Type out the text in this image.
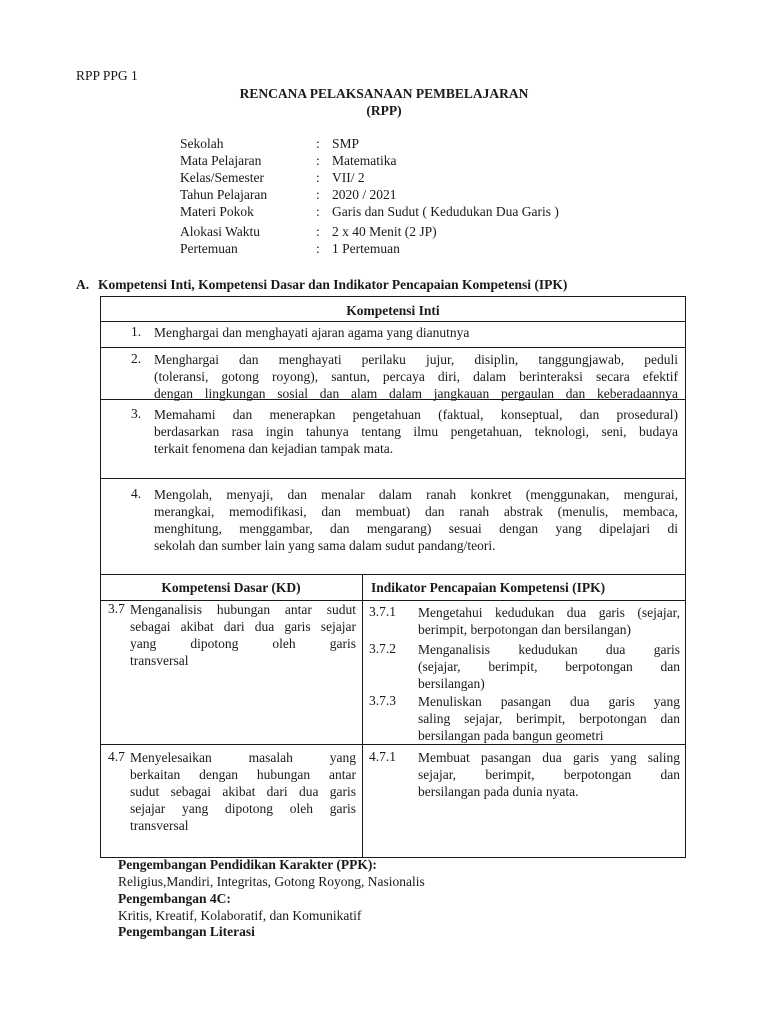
RPP PPG 1
RENCANA PELAKSANAAN PEMBELAJARAN
(RPP)
Sekolah	: SMP
Mata Pelajaran	: Matematika
Kelas/Semester	: VII/ 2
Tahun Pelajaran	: 2020 / 2021
Materi Pokok	: Garis dan Sudut ( Kedudukan Dua Garis )
Alokasi Waktu	: 2 x 40 Menit (2 JP)
Pertemuan	: 1 Pertemuan
A. Kompetensi Inti, Kompetensi Dasar dan Indikator Pencapaian Kompetensi (IPK)
Kompetensi Inti
1. Menghargai dan menghayati ajaran agama yang dianutnya
2. Menghargai dan menghayati perilaku jujur, disiplin, tanggungjawab, peduli
(toleransi, gotong royong), santun, percaya diri, dalam berinteraksi secara efektif
dengan lingkungan sosial dan alam dalam jangkauan pergaulan dan keberadaannya
3. Memahami dan menerapkan pengetahuan (faktual, konseptual, dan prosedural)
berdasarkan rasa ingin tahunya tentang ilmu pengetahuan, teknologi, seni, budaya
terkait fenomena dan kejadian tampak mata.
4. Mengolah, menyaji, dan menalar dalam ranah konkret (menggunakan, mengurai,
merangkai, memodifikasi, dan membuat) dan ranah abstrak (menulis, membaca,
menghitung, menggambar, dan mengarang) sesuai dengan yang dipelajari di
sekolah dan sumber lain yang sama dalam sudut pandang/teori.
Kompetensi Dasar (KD)	Indikator Pencapaian Kompetensi (IPK)
3.7 Menganalisis hubungan antar sudut
sebagai akibat dari dua garis sejajar
yang dipotong oleh garis
transversal
3.7.1 Mengetahui kedudukan dua garis (sejajar,
berimpit, berpotongan dan bersilangan)
3.7.2 Menganalisis kedudukan dua garis
(sejajar, berimpit, berpotongan dan
bersilangan)
3.7.3 Menuliskan pasangan dua garis yang
saling sejajar, berimpit, berpotongan dan
bersilangan pada bangun geometri
4.7 Menyelesaikan masalah yang
berkaitan dengan hubungan antar
sudut sebagai akibat dari dua garis
sejajar yang dipotong oleh garis
transversal
4.7.1 Membuat pasangan dua garis yang saling
sejajar, berimpit, berpotongan dan
bersilangan pada dunia nyata.
Pengembangan Pendidikan Karakter (PPK):
Religius,Mandiri, Integritas, Gotong Royong, Nasionalis
Pengembangan 4C:
Kritis, Kreatif, Kolaboratif, dan Komunikatif
Pengembangan Literasi
